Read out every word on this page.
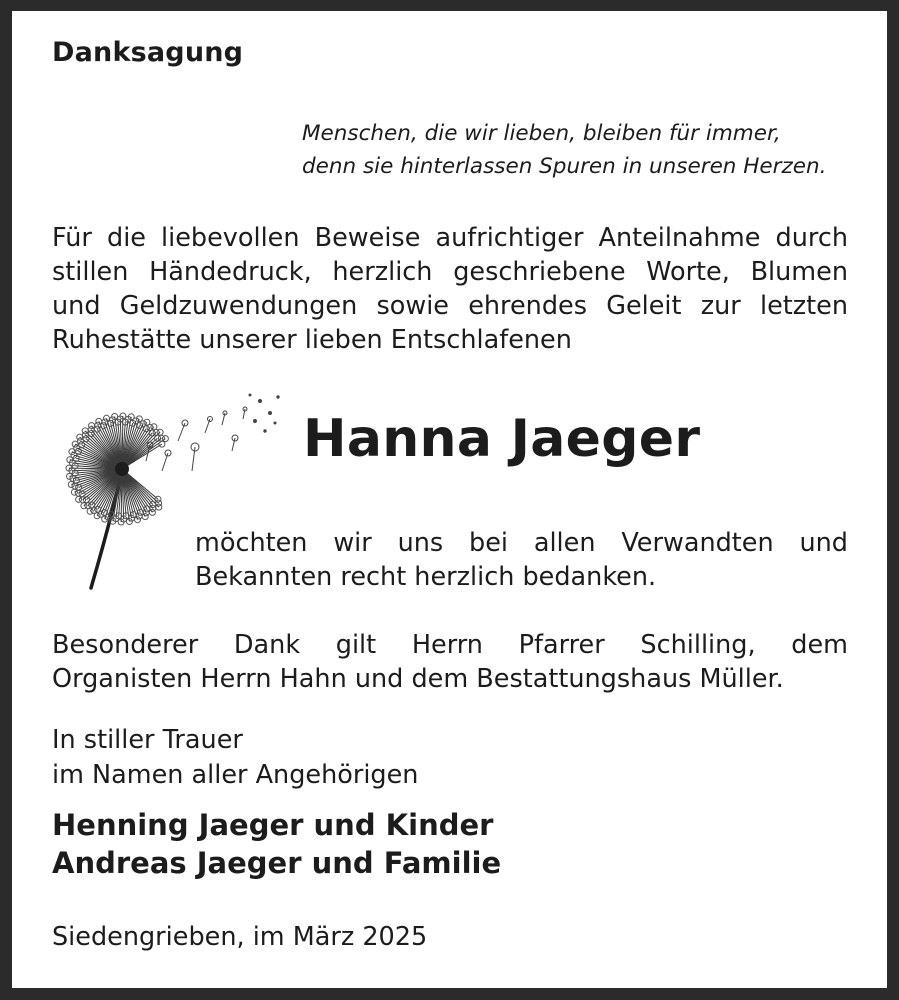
Danksagung
Menschen, die wir lieben, bleiben für immer,
denn sie hinterlassen Spuren in unseren Herzen.
Für die liebevollen Beweise aufrichtiger Anteilnahme durch
stillen Händedruck, herzlich geschriebene Worte, Blumen
und Geldzuwendungen sowie ehrendes Geleit zur letzten
Ruhestätte unserer lieben Entschlafenen
Hanna Jaeger
möchten wir uns bei allen Verwandten und
Bekannten recht herzlich bedanken.
Besonderer Dank gilt Herrn Pfarrer Schilling, dem
Organisten Herrn Hahn und dem Bestattungshaus Müller.
In stiller Trauer
im Namen aller Angehörigen
Henning Jaeger und Kinder
Andreas Jaeger und Familie
Siedengrieben, im März 2025
